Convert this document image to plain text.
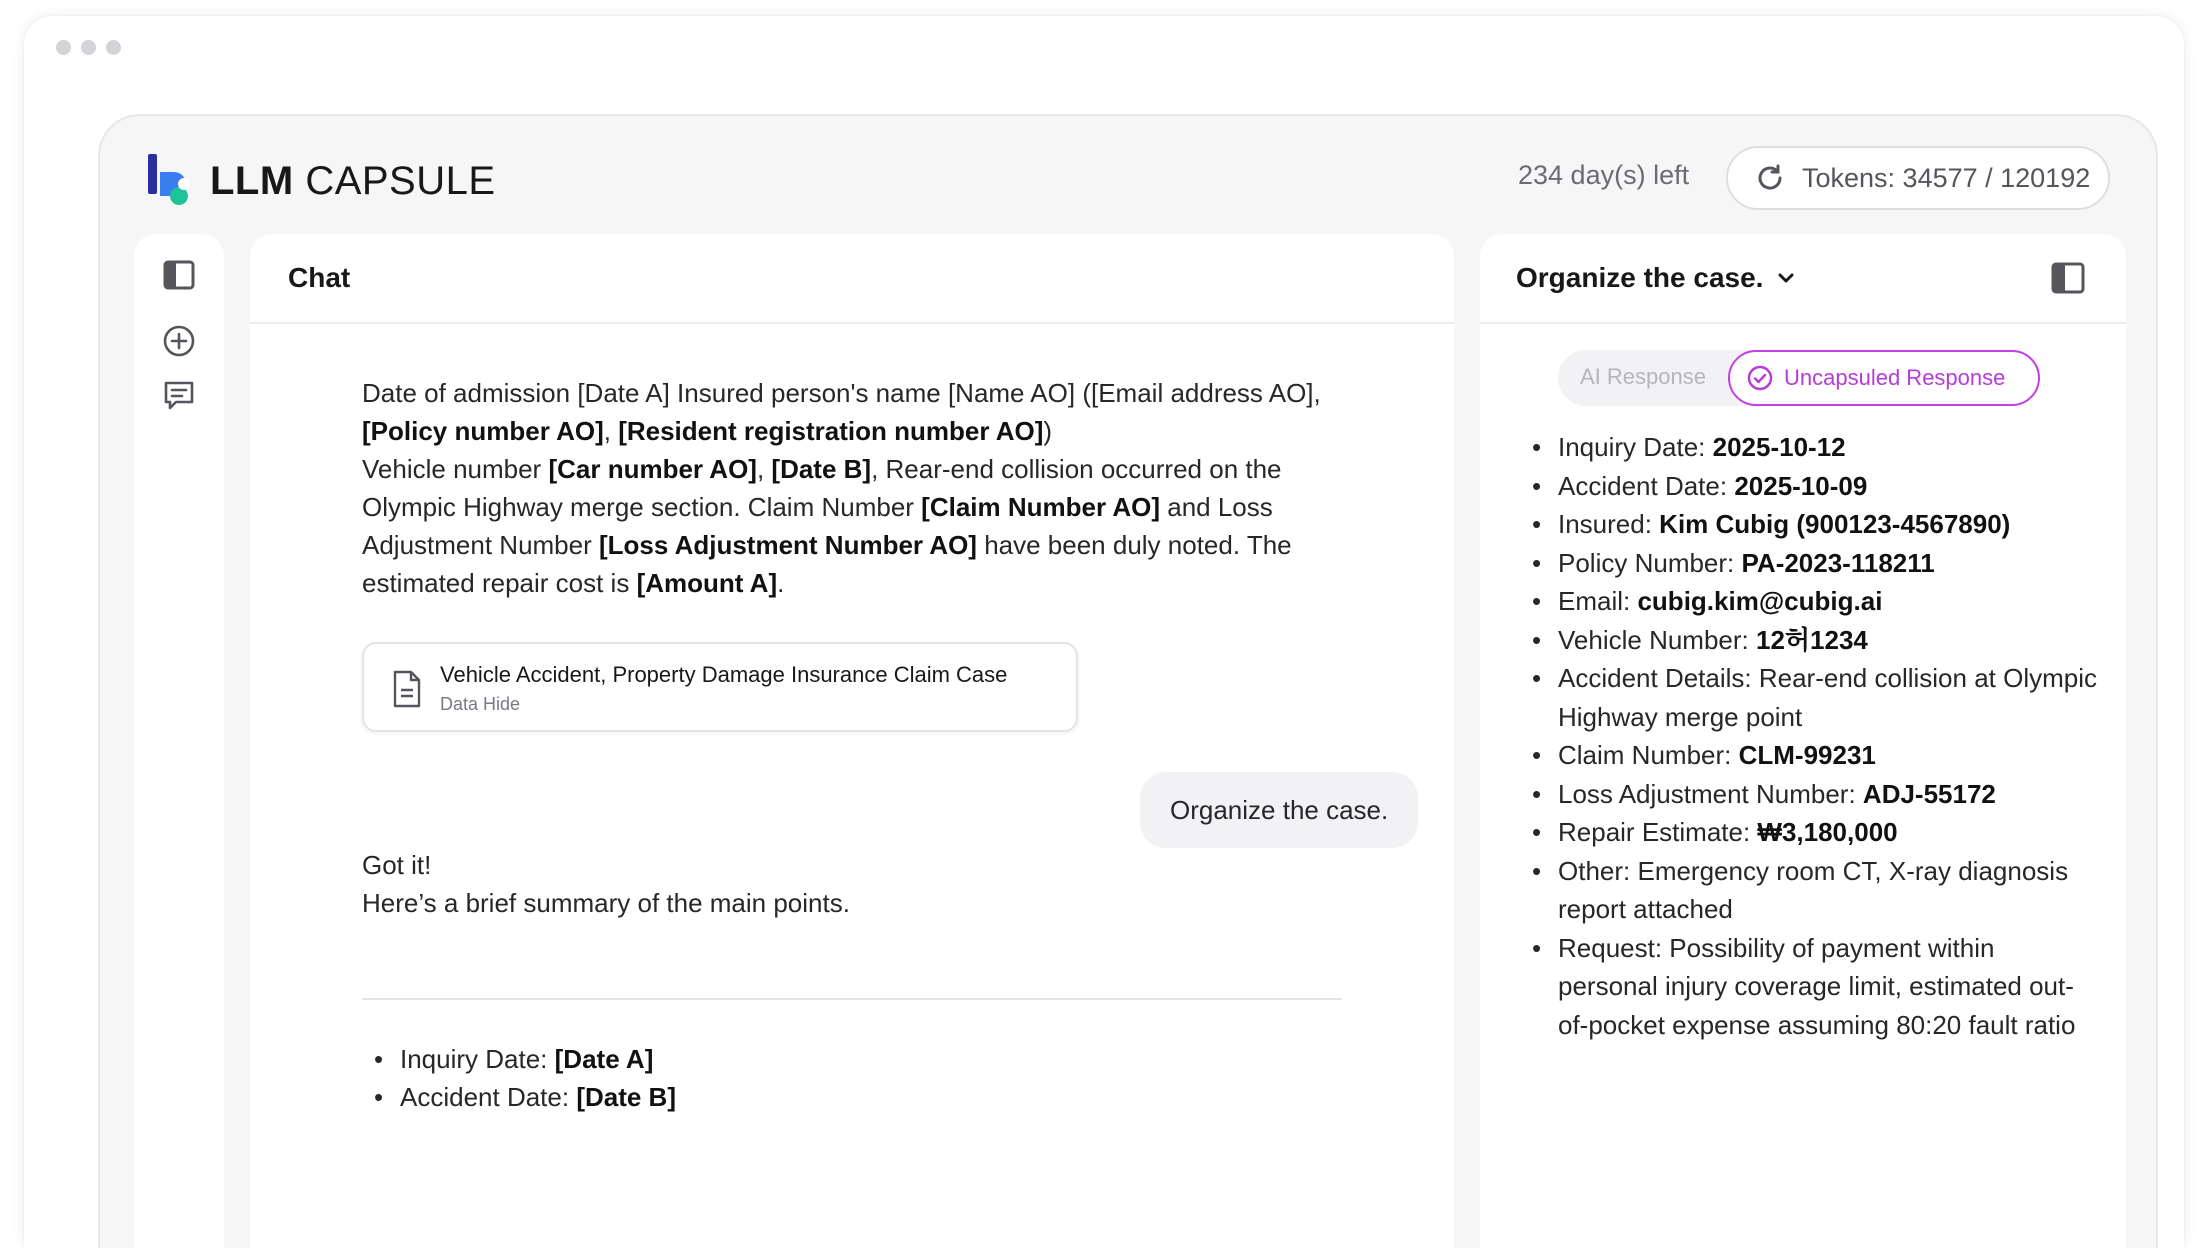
LLM CAPSULE	234 day(s) left	Tokens: 34577 / 120192
Chat
Date of admission [Date A] Insured person's name [Name AO] ([Email address AO], [Policy number AO], [Resident registration number AO])
Vehicle number [Car number AO], [Date B], Rear-end collision occurred on the Olympic Highway merge section. Claim Number [Claim Number AO] and Loss Adjustment Number [Loss Adjustment Number AO] have been duly noted. The estimated repair cost is [Amount A].
Vehicle Accident, Property Damage Insurance Claim Case
Data Hide
Organize the case.
Got it!
Here’s a brief summary of the main points.
• Inquiry Date: [Date A]
• Accident Date: [Date B]
Organize the case.
AI Response	Uncapsuled Response
• Inquiry Date: 2025-10-12
• Accident Date: 2025-10-09
• Insured: Kim Cubig (900123-4567890)
• Policy Number: PA-2023-118211
• Email: cubig.kim@cubig.ai
• Vehicle Number: 12허1234
• Accident Details: Rear-end collision at Olympic Highway merge point
• Claim Number: CLM-99231
• Loss Adjustment Number: ADJ-55172
• Repair Estimate: ₩3,180,000
• Other: Emergency room CT, X-ray diagnosis report attached
• Request: Possibility of payment within personal injury coverage limit, estimated out-of-pocket expense assuming 80:20 fault ratio
